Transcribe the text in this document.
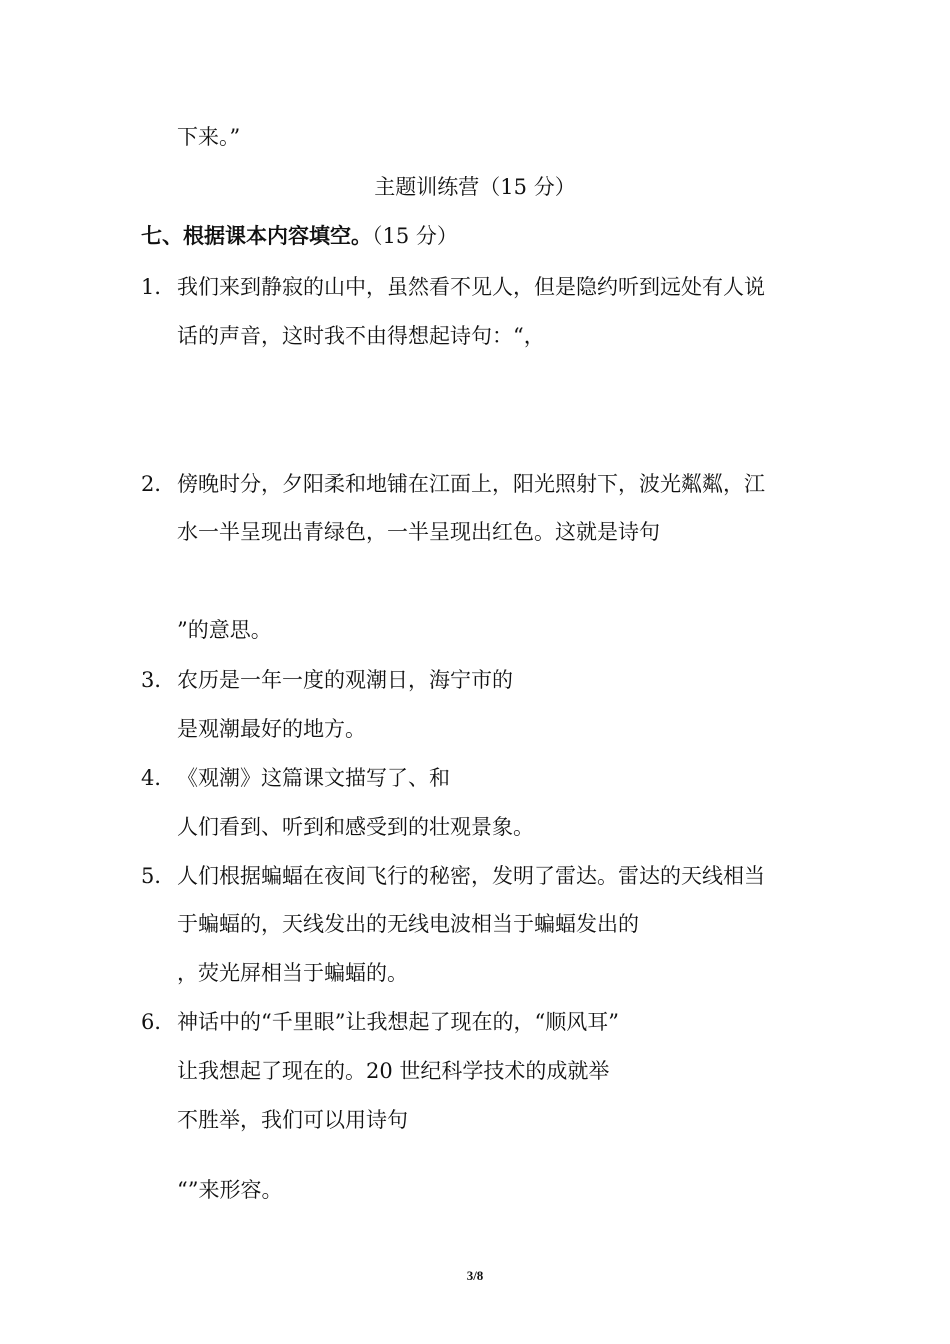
下来。”
主题训练营（15 分）
七、根据课本内容填空。（15 分）
1． 我们来到静寂的山中，虽然看不见人，但是隐约听到远处有人说
话的声音，这时我不由得想起诗句：“，
2． 傍晚时分，夕阳柔和地铺在江面上，阳光照射下，波光粼粼，江
水一半呈现出青绿色，一半呈现出红色。这就是诗句
”的意思。
3． 农历是一年一度的观潮日，海宁市的
是观潮最好的地方。
4． 《观潮》这篇课文描写了、和
人们看到、听到和感受到的壮观景象。
5． 人们根据蝙蝠在夜间飞行的秘密，发明了雷达。雷达的天线相当
于蝙蝠的，天线发出的无线电波相当于蝙蝠发出的
，荧光屏相当于蝙蝠的。
6． 神话中的“千里眼”让我想起了现在的，“顺风耳”
让我想起了现在的。20 世纪科学技术的成就举
不胜举，我们可以用诗句
“”来形容。
3/8
